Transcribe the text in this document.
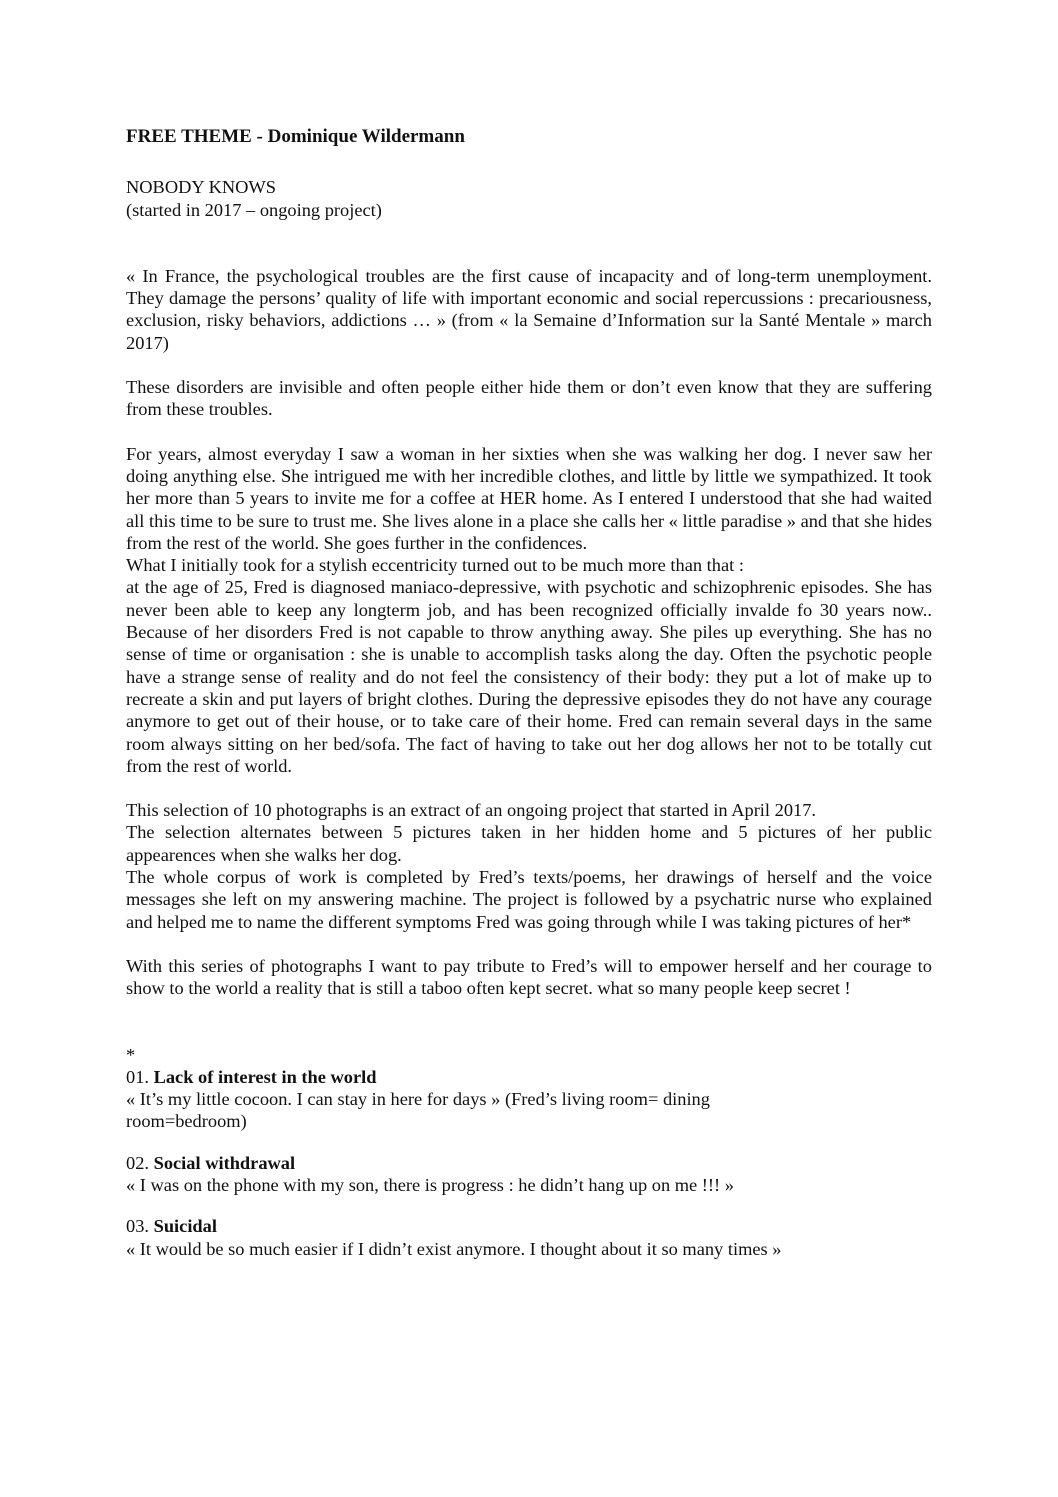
FREE THEME - Dominique Wildermann
NOBODY KNOWS
(started in 2017 – ongoing project)

« In France, the psychological troubles are the first cause of incapacity and of long-term unemployment. They damage the persons’ quality of life with important economic and social repercussions : precariousness, exclusion, risky behaviors, addictions … » (from « la Semaine d’Information sur la Santé Mentale » march 2017)

These disorders are invisible and often people either hide them or don’t even know that they are suffering from these troubles.

For years, almost everyday I saw a woman in her sixties when she was walking her dog. I never saw her doing anything else. She intrigued me with her incredible clothes, and little by little we sympathized. It took her more than 5 years to invite me for a coffee at HER home. As I entered I understood that she had waited all this time to be sure to trust me. She lives alone in a place she calls her « little paradise » and that she hides from the rest of the world. She goes further in the confidences.

What I initially took for a stylish eccentricity turned out to be much more than that :

at the age of 25, Fred is diagnosed maniaco-depressive, with psychotic and schizophrenic episodes. She has never been able to keep any longterm job, and has been recognized officially invalde fo 30 years now.. Because of her disorders Fred is not capable to throw anything away. She piles up everything. She has no sense of time or organisation : she is unable to accomplish tasks along the day. Often the psychotic people have a strange sense of reality and do not feel the consistency of their body: they put a lot of make up to recreate a skin and put layers of bright clothes. During the depressive episodes they do not have any courage anymore to get out of their house, or to take care of their home. Fred can remain several days in the same room always sitting on her bed/sofa. The fact of having to take out her dog allows her not to be totally cut from the rest of world.

This selection of 10 photographs is an extract of an ongoing project that started in April 2017.

The selection alternates between 5 pictures taken in her hidden home and 5 pictures of her public appearences when she walks her dog.

The whole corpus of work is completed by Fred’s texts/poems, her drawings of herself and the voice messages she left on my answering machine. The project is followed by a psychatric nurse who explained and helped me to name the different symptoms Fred was going through while I was taking pictures of her*

With this series of photographs I want to pay tribute to Fred’s will to empower herself and her courage to show to the world a reality that is still a taboo often kept secret. what so many people keep secret !

*
01. Lack of interest in the world
« It’s my little cocoon. I can stay in here for days » (Fred’s living room= dining room=bedroom)
02. Social withdrawal
« I was on the phone with my son, there is progress : he didn’t hang up on me !!! »
03. Suicidal
« It would be so much easier if I didn’t exist anymore. I thought about it so many times »
